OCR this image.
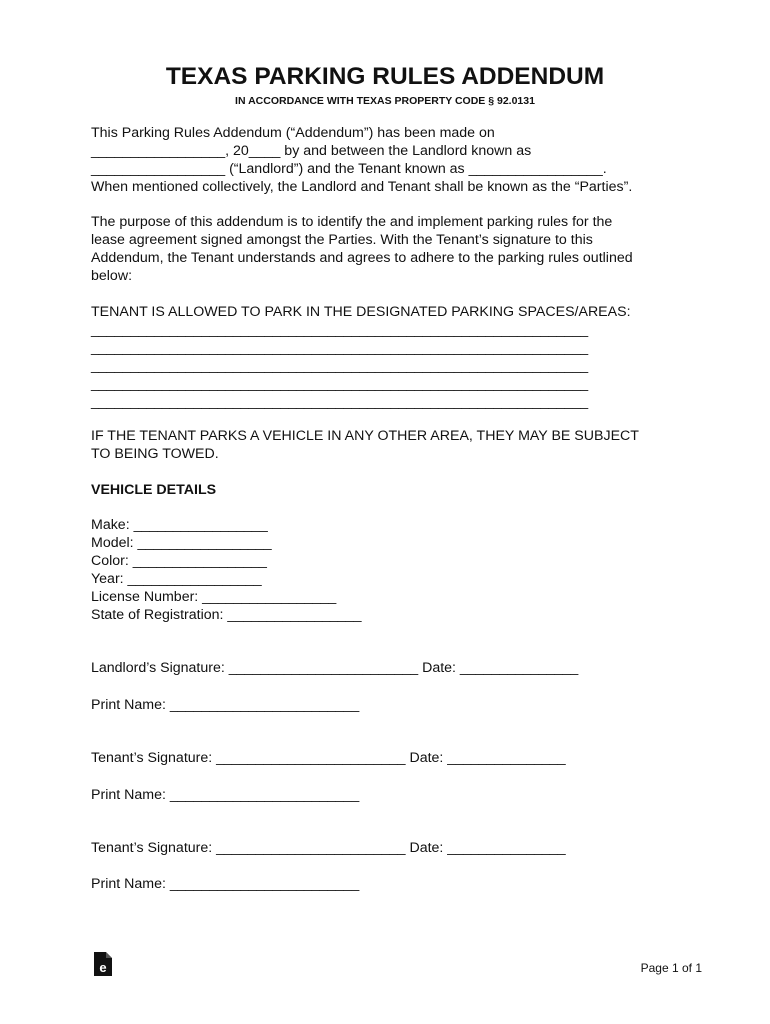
TEXAS PARKING RULES ADDENDUM
IN ACCORDANCE WITH TEXAS PROPERTY CODE § 92.0131
This Parking Rules Addendum (“Addendum”) has been made on
_________________, 20____ by and between the Landlord known as
_________________ (“Landlord”) and the Tenant known as _________________.
When mentioned collectively, the Landlord and Tenant shall be known as the “Parties”.
The purpose of this addendum is to identify the and implement parking rules for the
lease agreement signed amongst the Parties. With the Tenant’s signature to this
Addendum, the Tenant understands and agrees to adhere to the parking rules outlined
below:
TENANT IS ALLOWED TO PARK IN THE DESIGNATED PARKING SPACES/AREAS:
_______________________________________________________________
_______________________________________________________________
_______________________________________________________________
_______________________________________________________________
_______________________________________________________________
IF THE TENANT PARKS A VEHICLE IN ANY OTHER AREA, THEY MAY BE SUBJECT
TO BEING TOWED.
VEHICLE DETAILS
Make: _________________
Model: _________________
Color: _________________
Year: _________________
License Number: _________________
State of Registration: _________________
Landlord’s Signature: ________________________ Date: _______________
Print Name: ________________________
Tenant’s Signature: ________________________ Date: _______________
Print Name: ________________________
Tenant’s Signature: ________________________ Date: _______________
Print Name: ________________________
e	Page 1 of 1
